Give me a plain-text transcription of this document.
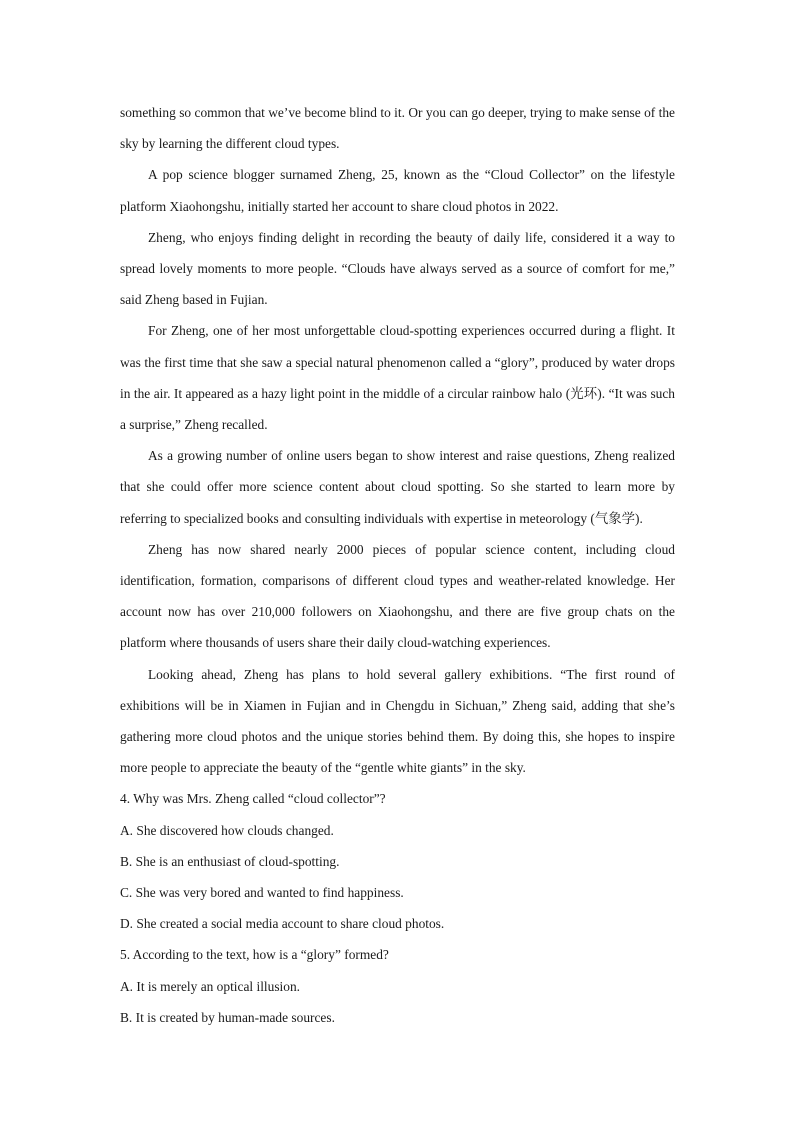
something so common that we’ve become blind to it. Or you can go deeper, trying to make sense of the sky by learning the different cloud types.

A pop science blogger surnamed Zheng, 25, known as the “Cloud Collector” on the lifestyle platform Xiaohongshu, initially started her account to share cloud photos in 2022.

Zheng, who enjoys finding delight in recording the beauty of daily life, considered it a way to spread lovely moments to more people. “Clouds have always served as a source of comfort for me,” said Zheng based in Fujian.

For Zheng, one of her most unforgettable cloud-spotting experiences occurred during a flight. It was the first time that she saw a special natural phenomenon called a “glory”, produced by water drops in the air. It appeared as a hazy light point in the middle of a circular rainbow halo (光环). “It was such a surprise,” Zheng recalled.

As a growing number of online users began to show interest and raise questions, Zheng realized that she could offer more science content about cloud spotting. So she started to learn more by referring to specialized books and consulting individuals with expertise in meteorology (气象学).

Zheng has now shared nearly 2000 pieces of popular science content, including cloud identification, formation, comparisons of different cloud types and weather-related knowledge. Her account now has over 210,000 followers on Xiaohongshu, and there are five group chats on the platform where thousands of users share their daily cloud-watching experiences.

Looking ahead, Zheng has plans to hold several gallery exhibitions. “The first round of exhibitions will be in Xiamen in Fujian and in Chengdu in Sichuan,” Zheng said, adding that she’s gathering more cloud photos and the unique stories behind them. By doing this, she hopes to inspire more people to appreciate the beauty of the “gentle white giants” in the sky.

4. Why was Mrs. Zheng called “cloud collector”?

A. She discovered how clouds changed.

B. She is an enthusiast of cloud-spotting.

C. She was very bored and wanted to find happiness.

D. She created a social media account to share cloud photos.

5. According to the text, how is a “glory” formed?

A. It is merely an optical illusion.

B. It is created by human-made sources.
